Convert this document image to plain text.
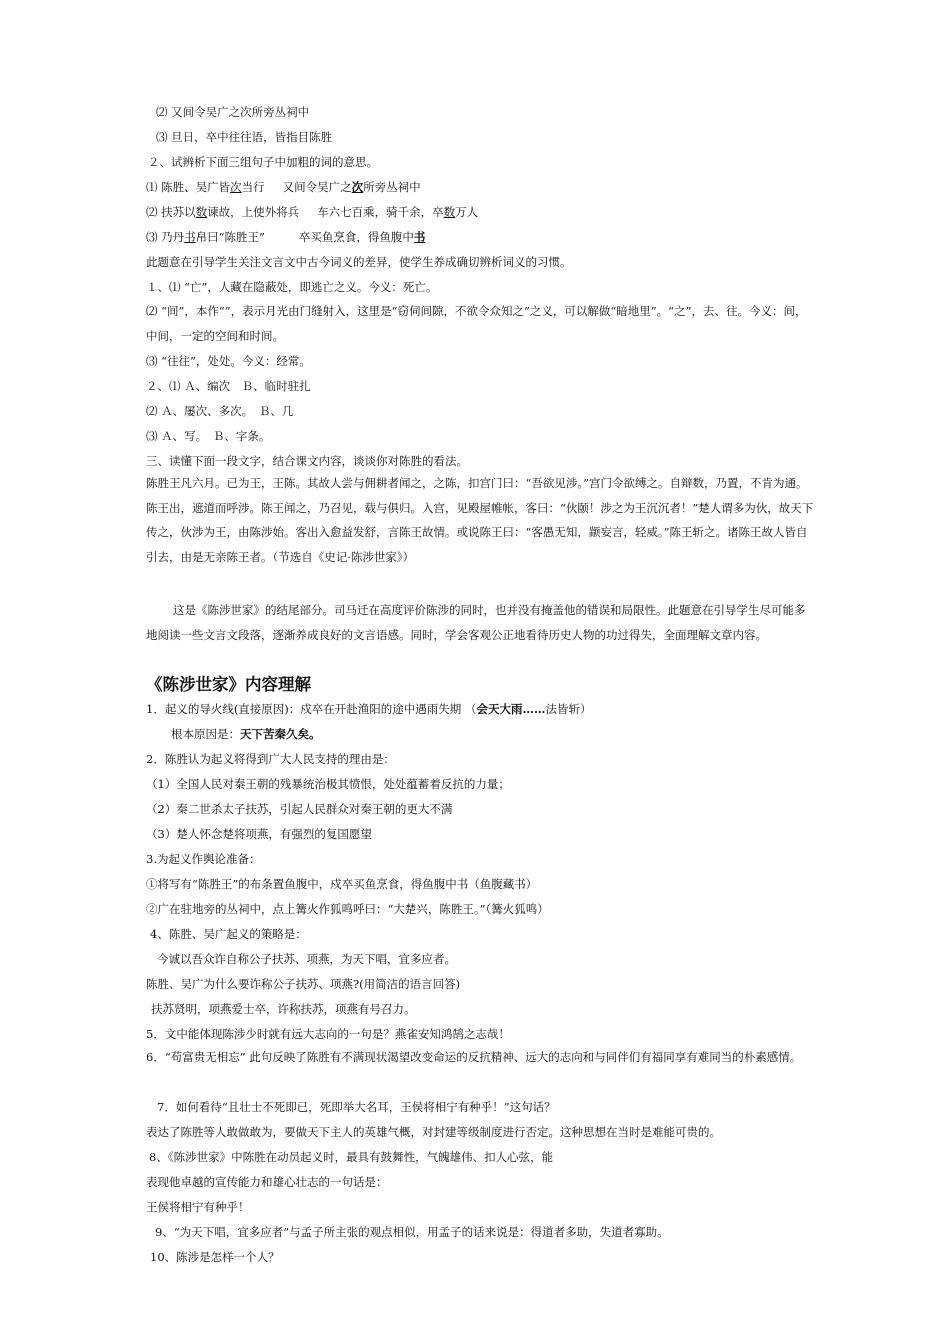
⑵ 又间令吴广之次所旁丛祠中
⑶ 旦日，卒中往往语，皆指目陈胜
２、试辨析下面三组句子中加粗的词的意思。
⑴ 陈胜、吴广皆次当行 又间令吴广之次所旁丛祠中
⑵ 扶苏以数谏故，上使外将兵 车六七百乘，骑千余，卒数万人
⑶ 乃丹书帛曰“陈胜王”	卒买鱼烹食，得鱼腹中书
此题意在引导学生关注文言文中古今词义的差异，使学生养成确切辨析词义的习惯。
１、⑴ “亡”，人藏在隐蔽处，即逃亡之义。今义：死亡。
⑵ “间”，本作“”，表示月光由门缝射入，这里是“窃伺间隙，不欲令众知之”之义，可以解做“暗地里”。“之”，去、往。今义：间，中间，一定的空间和时间。
⑶ “往往”，处处。今义：经常。
２、⑴ Ａ、编次　Ｂ、临时驻扎
⑵ Ａ、屡次、多次。　Ｂ、几
⑶ Ａ、写。　Ｂ、字条。
三、读懂下面一段文字，结合课文内容，谈谈你对陈胜的看法。
陈胜王凡六月。已为王，王陈。其故人尝与佣耕者闻之，之陈，扣宫门曰：“吾欲见涉。”宫门令欲缚之。自辩数，乃置，不肯为通。陈王出，遮道而呼涉。陈王闻之，乃召见，载与俱归。入宫，见殿屋帷帐，客曰：“伙颐！涉之为王沉沉者！”楚人谓多为伙，故天下传之，伙涉为王，由陈涉始。客出入愈益发舒，言陈王故情。或说陈王曰：“客愚无知，颛妄言，轻威。”陈王斩之。诸陈王故人皆自引去，由是无亲陈王者。（节选自《史记·陈涉世家》）
这是《陈涉世家》的结尾部分。司马迁在高度评价陈涉的同时，也并没有掩盖他的错误和局限性。此题意在引导学生尽可能多地阅读一些文言文段落，逐渐养成良好的文言语感。同时，学会客观公正地看待历史人物的功过得失，全面理解文章内容。
《陈涉世家》内容理解
1．起义的导火线(直接原因)：戍卒在开赴渔阳的途中遇雨失期 （会天大雨……法皆斩）
根本原因是：天下苦秦久矣。
2．陈胜认为起义将得到广大人民支持的理由是：
（1）全国人民对秦王朝的残暴统治极其愤恨，处处蕴蓄着反抗的力量；
（2）秦二世杀太子扶苏，引起人民群众对秦王朝的更大不满
（3）楚人怀念楚将项燕，有强烈的复国愿望
3.为起义作舆论准备：
①将写有“陈胜王”的布条置鱼腹中，戍卒买鱼烹食，得鱼腹中书（鱼腹藏书）
②广在驻地旁的丛祠中，点上篝火作狐鸣呼曰：“大楚兴，陈胜王。”（篝火狐鸣）
4、陈胜、吴广起义的策略是：
今诚以吾众诈自称公子扶苏、项燕，为天下唱，宜多应者。
陈胜、吴广为什么要诈称公子扶苏、项燕?(用简洁的语言回答)
扶苏贤明，项燕爱士卒，许称扶苏，项燕有号召力。
5．文中能体现陈涉少时就有远大志向的一句是？燕雀安知鸿鹄之志哉！
6．“苟富贵无相忘” 此句反映了陈胜有不满现状渴望改变命运的反抗精神、远大的志向和与同伴们有福同享有难同当的朴素感情。
7．如何看待“且壮士不死即已，死即举大名耳，王侯将相宁有种乎！”这句话？
表达了陈胜等人敢做敢为，要做天下主人的英雄气概，对封建等级制度进行否定。这种思想在当时是难能可贵的。
8、《陈涉世家》中陈胜在动员起义时，最具有鼓舞性，气魄雄伟、扣人心弦，能
表现他卓越的宣传能力和雄心壮志的一句话是：
王侯将相宁有种乎！
9、“为天下唱，宜多应者”与孟子所主张的观点相似，用孟子的话来说是：得道者多助，失道者寡助。
10、陈涉是怎样一个人？
